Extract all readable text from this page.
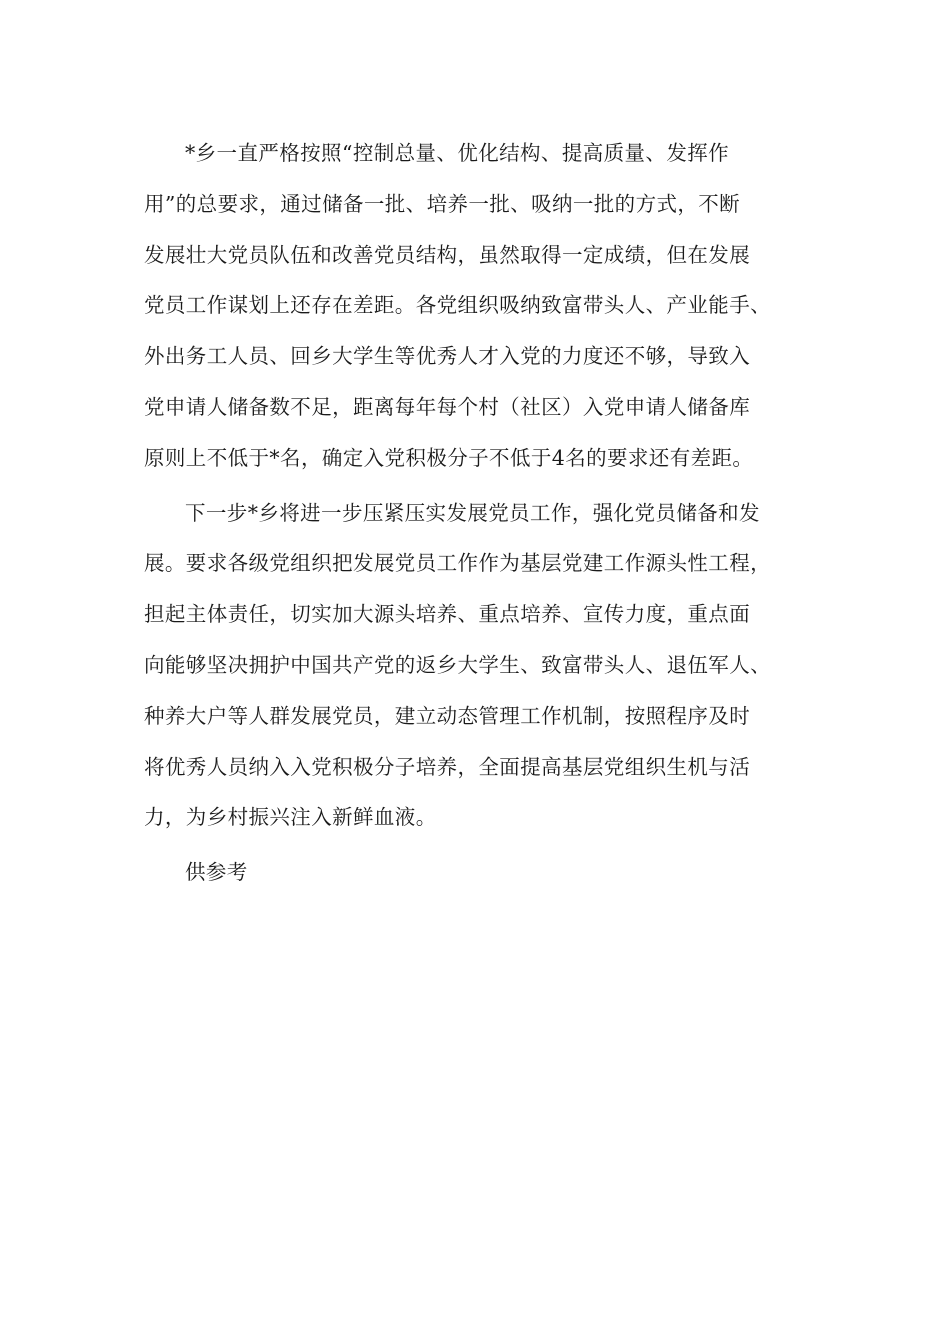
*乡一直严格按照“控制总量、优化结构、提高质量、发挥作
用”的总要求，通过储备一批、培养一批、吸纳一批的方式，不断
发展壮大党员队伍和改善党员结构，虽然取得一定成绩，但在发展
党员工作谋划上还存在差距。各党组织吸纳致富带头人、产业能手、
外出务工人员、回乡大学生等优秀人才入党的力度还不够，导致入
党申请人储备数不足，距离每年每个村（社区）入党申请人储备库
原则上不低于*名，确定入党积极分子不低于4名的要求还有差距。

下一步*乡将进一步压紧压实发展党员工作，强化党员储备和发
展。要求各级党组织把发展党员工作作为基层党建工作源头性工程，
担起主体责任，切实加大源头培养、重点培养、宣传力度，重点面
向能够坚决拥护中国共产党的返乡大学生、致富带头人、退伍军人、
种养大户等人群发展党员，建立动态管理工作机制，按照程序及时
将优秀人员纳入入党积极分子培养，全面提高基层党组织生机与活
力，为乡村振兴注入新鲜血液。

供参考
